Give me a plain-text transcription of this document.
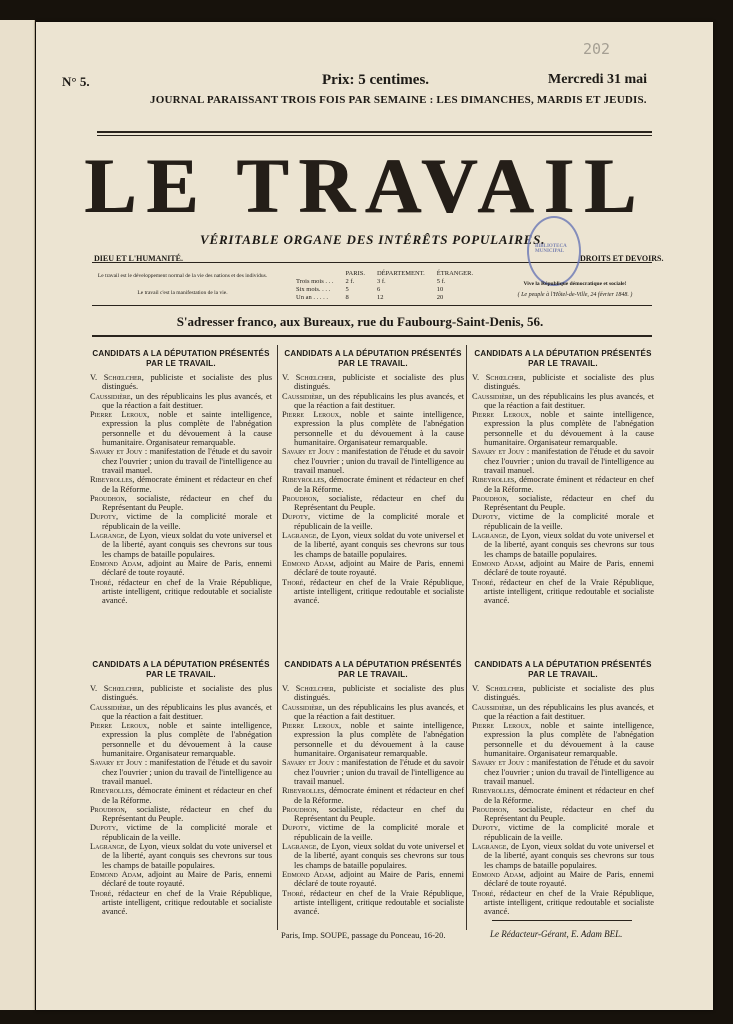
202
N° 5.	Prix: 5 centimes.	Mercredi 31 mai
JOURNAL PARAISSANT TROIS FOIS PAR SEMAINE : LES DIMANCHES, MARDIS ET JEUDIS.
LE TRAVAIL
VÉRITABLE ORGANE DES INTÉRÊTS POPULAIRES.
DIEU ET L'HUMANITÉ.	DROITS ET DEVOIRS.
BIBLIOTECA MUNICIPAL
Le travail est le développement normal de la vie des nations et des individus.
Le travail c'est la manifestation de la vie.
	PARIS.	DÉPARTEMENT.	ÉTRANGER.
Trois mois . . .	2 f.	3 f.	5 f.
Six mois. . . .	5	6	10
Un an . . . . .	8	12	20
Vive la République démocratique et sociale!
( Le peuple à l'Hôtel-de-Ville, 24 février 1848. )
S'adresser franco, aux Bureaux, rue du Faubourg-Saint-Denis, 56.
CANDIDATS A LA DÉPUTATION PRÉSENTÉS PAR LE TRAVAIL.

V. Schœlcher, publiciste et socialiste des plus distingués.

Caussidière, un des républicains les plus avancés, et que la réaction a fait destituer.

Pierre Leroux, noble et sainte intelligence, expression la plus complète de l'abnégation personnelle et du dévouement à la cause humanitaire. Organisateur remarquable.

Savary et Jouy : manifestation de l'étude et du savoir chez l'ouvrier ; union du travail de l'intelligence au travail manuel.

Ribeyrolles, démocrate éminent et rédacteur en chef de la Réforme.

Proudhon, socialiste, rédacteur en chef du Représentant du Peuple.

Dupoty, victime de la complicité morale et républicain de la veille.

Lagrange, de Lyon, vieux soldat du vote universel et de la liberté, ayant conquis ses chevrons sur tous les champs de bataille populaires.

Edmond Adam, adjoint au Maire de Paris, ennemi déclaré de toute royauté.

Thoré, rédacteur en chef de la Vraie République, artiste intelligent, critique redoutable et socialiste avancé.

CANDIDATS A LA DÉPUTATION PRÉSENTÉS PAR LE TRAVAIL.

V. Schœlcher, publiciste et socialiste des plus distingués.

Caussidière, un des républicains les plus avancés, et que la réaction a fait destituer.

Pierre Leroux, noble et sainte intelligence, expression la plus complète de l'abnégation personnelle et du dévouement à la cause humanitaire. Organisateur remarquable.

Savary et Jouy : manifestation de l'étude et du savoir chez l'ouvrier ; union du travail de l'intelligence au travail manuel.

Ribeyrolles, démocrate éminent et rédacteur en chef de la Réforme.

Proudhon, socialiste, rédacteur en chef du Représentant du Peuple.

Dupoty, victime de la complicité morale et républicain de la veille.

Lagrange, de Lyon, vieux soldat du vote universel et de la liberté, ayant conquis ses chevrons sur tous les champs de bataille populaires.

Edmond Adam, adjoint au Maire de Paris, ennemi déclaré de toute royauté.

Thoré, rédacteur en chef de la Vraie République, artiste intelligent, critique redoutable et socialiste avancé.

CANDIDATS A LA DÉPUTATION PRÉSENTÉS PAR LE TRAVAIL.

V. Schœlcher, publiciste et socialiste des plus distingués.

Caussidière, un des républicains les plus avancés, et que la réaction a fait destituer.

Pierre Leroux, noble et sainte intelligence, expression la plus complète de l'abnégation personnelle et du dévouement à la cause humanitaire. Organisateur remarquable.

Savary et Jouy : manifestation de l'étude et du savoir chez l'ouvrier ; union du travail de l'intelligence au travail manuel.

Ribeyrolles, démocrate éminent et rédacteur en chef de la Réforme.

Proudhon, socialiste, rédacteur en chef du Représentant du Peuple.

Dupoty, victime de la complicité morale et républicain de la veille.

Lagrange, de Lyon, vieux soldat du vote universel et de la liberté, ayant conquis ses chevrons sur tous les champs de bataille populaires.

Edmond Adam, adjoint au Maire de Paris, ennemi déclaré de toute royauté.

Thoré, rédacteur en chef de la Vraie République, artiste intelligent, critique redoutable et socialiste avancé.

CANDIDATS A LA DÉPUTATION PRÉSENTÉS PAR LE TRAVAIL.

V. Schœlcher, publiciste et socialiste des plus distingués.

Caussidière, un des républicains les plus avancés, et que la réaction a fait destituer.

Pierre Leroux, noble et sainte intelligence, expression la plus complète de l'abnégation personnelle et du dévouement à la cause humanitaire. Organisateur remarquable.

Savary et Jouy : manifestation de l'étude et du savoir chez l'ouvrier ; union du travail de l'intelligence au travail manuel.

Ribeyrolles, démocrate éminent et rédacteur en chef de la Réforme.

Proudhon, socialiste, rédacteur en chef du Représentant du Peuple.

Dupoty, victime de la complicité morale et républicain de la veille.

Lagrange, de Lyon, vieux soldat du vote universel et de la liberté, ayant conquis ses chevrons sur tous les champs de bataille populaires.

Edmond Adam, adjoint au Maire de Paris, ennemi déclaré de toute royauté.

Thoré, rédacteur en chef de la Vraie République, artiste intelligent, critique redoutable et socialiste avancé.

CANDIDATS A LA DÉPUTATION PRÉSENTÉS PAR LE TRAVAIL.

V. Schœlcher, publiciste et socialiste des plus distingués.

Caussidière, un des républicains les plus avancés, et que la réaction a fait destituer.

Pierre Leroux, noble et sainte intelligence, expression la plus complète de l'abnégation personnelle et du dévouement à la cause humanitaire. Organisateur remarquable.

Savary et Jouy : manifestation de l'étude et du savoir chez l'ouvrier ; union du travail de l'intelligence au travail manuel.

Ribeyrolles, démocrate éminent et rédacteur en chef de la Réforme.

Proudhon, socialiste, rédacteur en chef du Représentant du Peuple.

Dupoty, victime de la complicité morale et républicain de la veille.

Lagrange, de Lyon, vieux soldat du vote universel et de la liberté, ayant conquis ses chevrons sur tous les champs de bataille populaires.

Edmond Adam, adjoint au Maire de Paris, ennemi déclaré de toute royauté.

Thoré, rédacteur en chef de la Vraie République, artiste intelligent, critique redoutable et socialiste avancé.

CANDIDATS A LA DÉPUTATION PRÉSENTÉS PAR LE TRAVAIL.

V. Schœlcher, publiciste et socialiste des plus distingués.

Caussidière, un des républicains les plus avancés, et que la réaction a fait destituer.

Pierre Leroux, noble et sainte intelligence, expression la plus complète de l'abnégation personnelle et du dévouement à la cause humanitaire. Organisateur remarquable.

Savary et Jouy : manifestation de l'étude et du savoir chez l'ouvrier ; union du travail de l'intelligence au travail manuel.

Ribeyrolles, démocrate éminent et rédacteur en chef de la Réforme.

Proudhon, socialiste, rédacteur en chef du Représentant du Peuple.

Dupoty, victime de la complicité morale et républicain de la veille.

Lagrange, de Lyon, vieux soldat du vote universel et de la liberté, ayant conquis ses chevrons sur tous les champs de bataille populaires.

Edmond Adam, adjoint au Maire de Paris, ennemi déclaré de toute royauté.

Thoré, rédacteur en chef de la Vraie République, artiste intelligent, critique redoutable et socialiste avancé.

Paris, Imp. SOUPE, passage du Ponceau, 16-20.	Le Rédacteur-Gérant, E. Adam BEL.
